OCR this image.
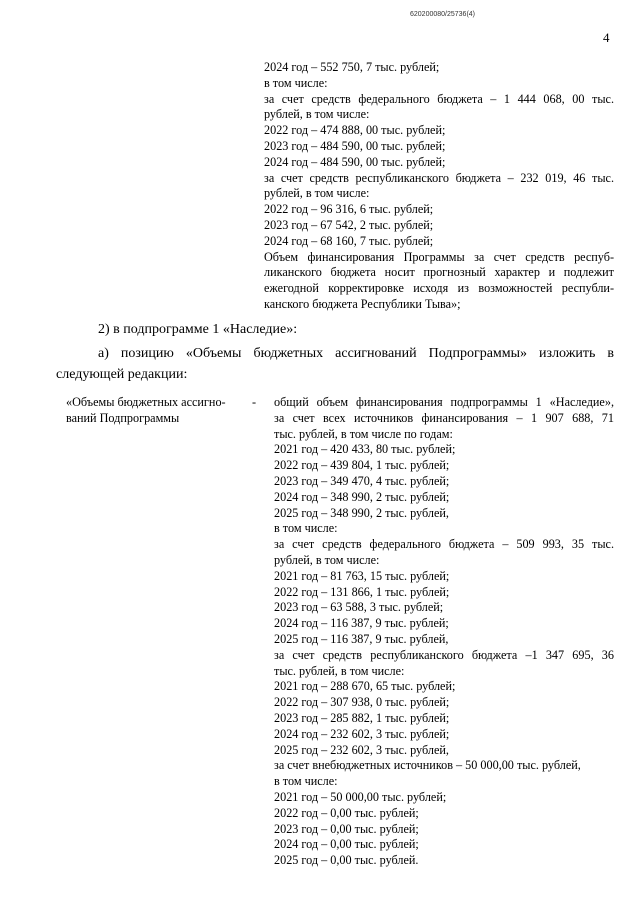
620200080/25736(4)
4
2024 год – 552 750, 7 тыс. рублей;
в том числе:
за счет средств федерального бюджета – 1 444 068, 00 тыс.
рублей, в том числе:
2022 год – 474 888, 00 тыс. рублей;
2023 год – 484 590, 00 тыс. рублей;
2024 год – 484 590, 00 тыс. рублей;
за счет средств республиканского бюджета – 232 019, 46 тыс.
рублей, в том числе:
2022 год – 96 316, 6 тыс. рублей;
2023 год – 67 542, 2 тыс. рублей;
2024 год – 68 160, 7 тыс. рублей;
Объем финансирования Программы за счет средств респуб-
ликанского бюджета носит прогнозный характер и подлежит
ежегодной корректировке исходя из возможностей республи-
канского бюджета Республики Тыва»;
2) в подпрограмме 1 «Наследие»:
а) позицию «Объемы бюджетных ассигнований Подпрограммы» изложить в следующей редакции:
«Объемы бюджетных ассигно-
ваний Подпрограммы
- общий объем финансирования подпрограммы 1 «Наследие»,
за счет всех источников финансирования – 1 907 688, 71
тыс. рублей, в том числе по годам:
2021 год – 420 433, 80 тыс. рублей;
2022 год – 439 804, 1 тыс. рублей;
2023 год – 349 470, 4 тыс. рублей;
2024 год – 348 990, 2 тыс. рублей;
2025 год – 348 990, 2 тыс. рублей,
в том числе:
за счет средств федерального бюджета – 509 993, 35 тыс.
рублей, в том числе:
2021 год – 81 763, 15 тыс. рублей;
2022 год – 131 866, 1 тыс. рублей;
2023 год – 63 588, 3 тыс. рублей;
2024 год – 116 387, 9 тыс. рублей;
2025 год – 116 387, 9 тыс. рублей,
за счет средств республиканского бюджета –1 347 695, 36
тыс. рублей, в том числе:
2021 год – 288 670, 65 тыс. рублей;
2022 год – 307 938, 0 тыс. рублей;
2023 год – 285 882, 1 тыс. рублей;
2024 год – 232 602, 3 тыс. рублей;
2025 год – 232 602, 3 тыс. рублей,
за счет внебюджетных источников – 50 000,00 тыс. рублей,
в том числе:
2021 год – 50 000,00 тыс. рублей;
2022 год – 0,00 тыс. рублей;
2023 год – 0,00 тыс. рублей;
2024 год – 0,00 тыс. рублей;
2025 год – 0,00 тыс. рублей.
